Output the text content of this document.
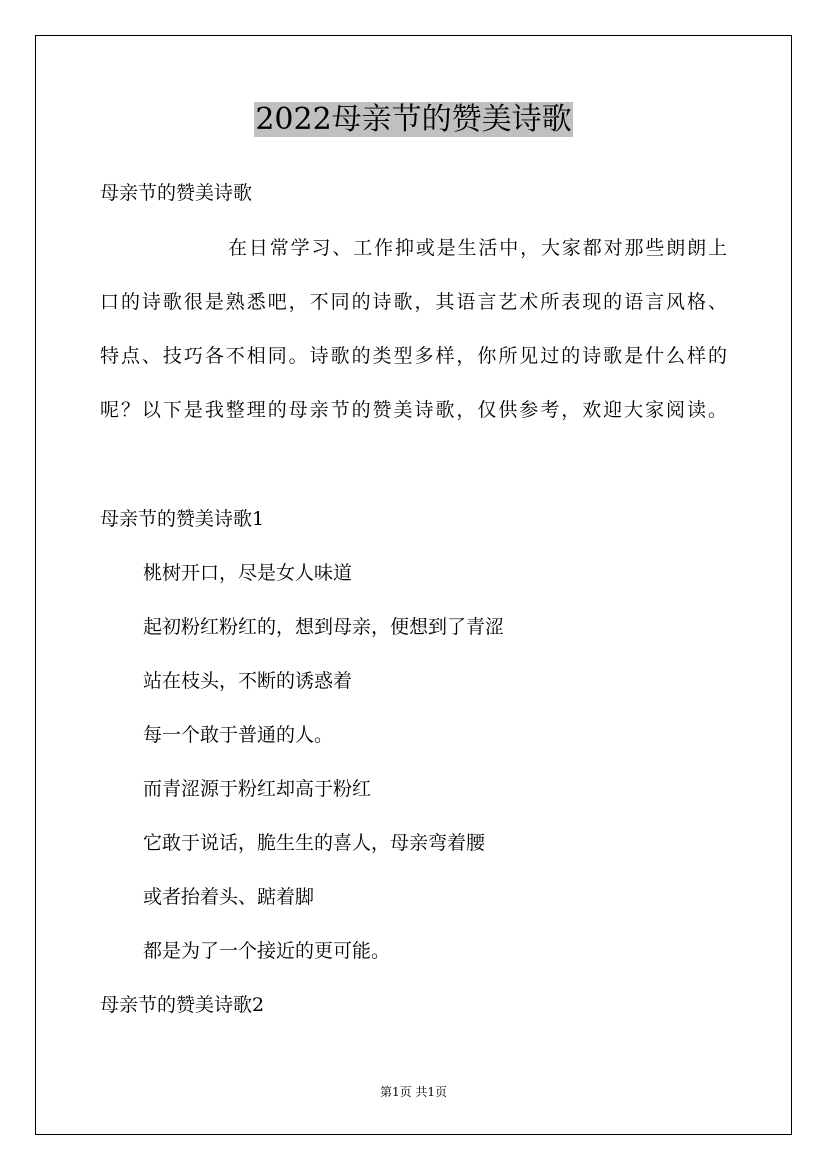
2022母亲节的赞美诗歌
母亲节的赞美诗歌
在日常学习、工作抑或是生活中，大家都对那些朗朗上
口的诗歌很是熟悉吧，不同的诗歌，其语言艺术所表现的语言风格、
特点、技巧各不相同。诗歌的类型多样，你所见过的诗歌是什么样的
呢？以下是我整理的母亲节的赞美诗歌，仅供参考，欢迎大家阅读。
母亲节的赞美诗歌1
桃树开口，尽是女人味道
起初粉红粉红的，想到母亲，便想到了青涩
站在枝头，不断的诱惑着
每一个敢于普通的人。
而青涩源于粉红却高于粉红
它敢于说话，脆生生的喜人，母亲弯着腰
或者抬着头、踮着脚
都是为了一个接近的更可能。
母亲节的赞美诗歌2
第1页 共1页
